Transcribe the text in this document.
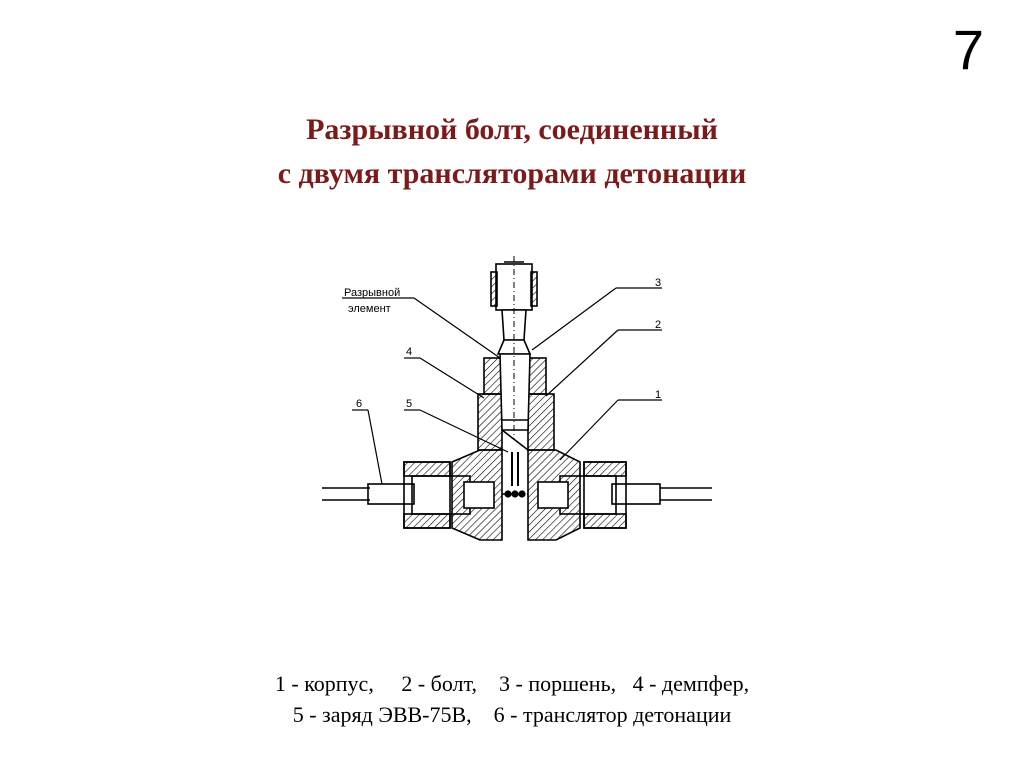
7
Разрывной болт, соединенный
с двумя трансляторами детонации
Разрывной
элемент
3
2
1
4
5
6
1 - корпус,     2 - болт,    3 - поршень,   4 - демпфер,
5 - заряд ЭВВ-75В,    6 - транслятор детонации
